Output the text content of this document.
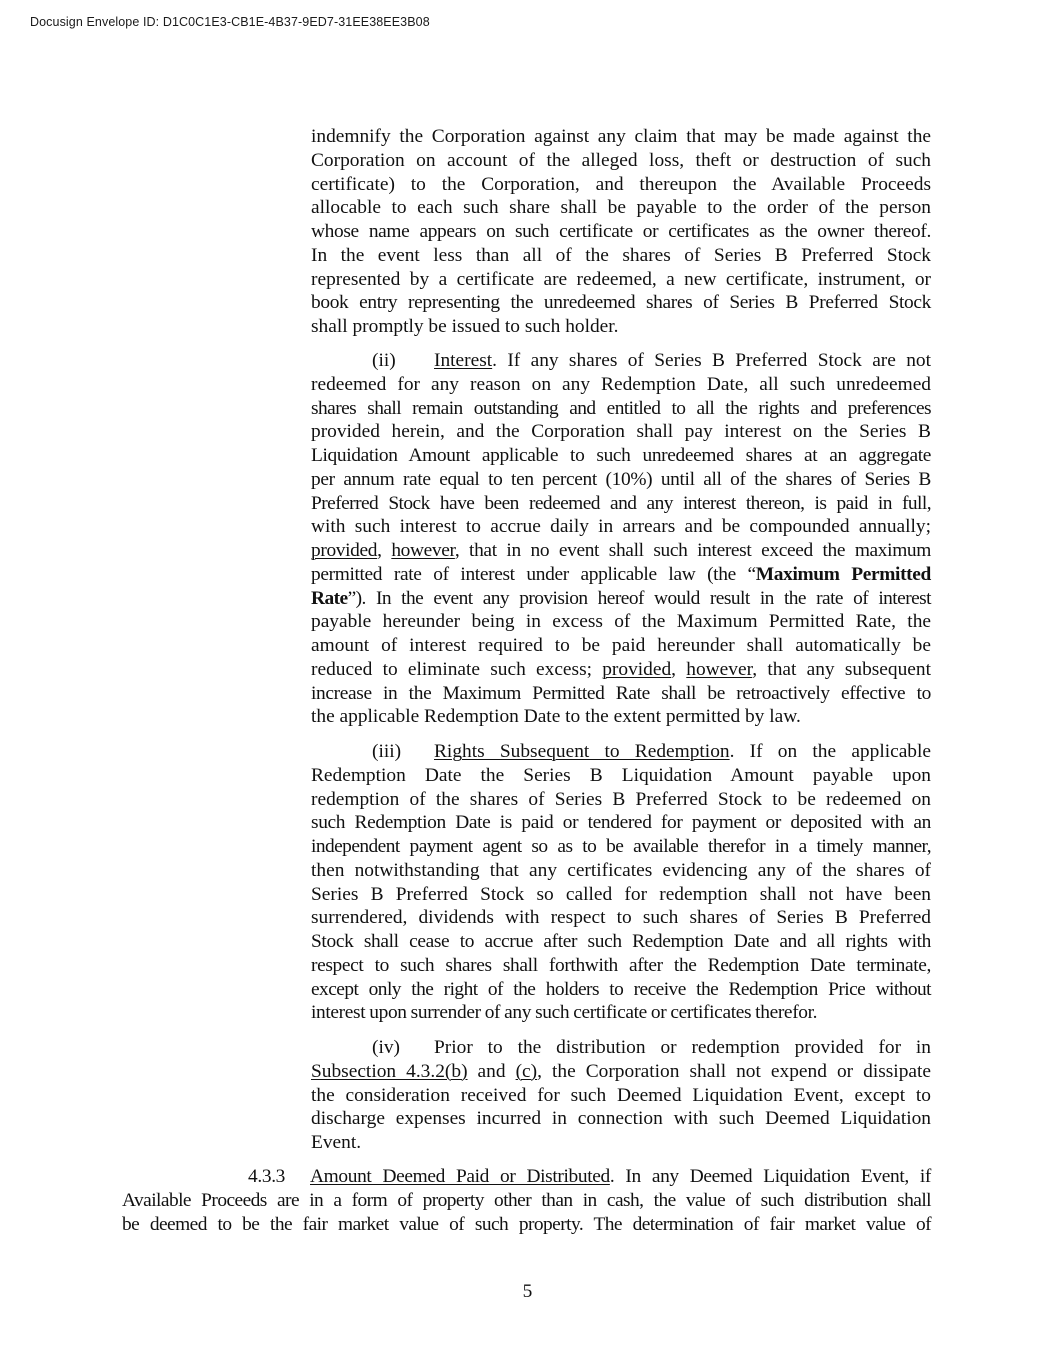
Docusign Envelope ID: D1C0C1E3-CB1E-4B37-9ED7-31EE38EE3B08
indemnify the Corporation against any claim that may be made against the
Corporation on account of the alleged loss, theft or destruction of such
certificate) to the Corporation, and thereupon the Available Proceeds
allocable to each such share shall be payable to the order of the person
whose name appears on such certificate or certificates as the owner thereof.
In the event less than all of the shares of Series B Preferred Stock
represented by a certificate are redeemed, a new certificate, instrument, or
book entry representing the unredeemed shares of Series B Preferred Stock
shall promptly be issued to such holder.
(ii) Interest. If any shares of Series B Preferred Stock are not
redeemed for any reason on any Redemption Date, all such unredeemed
shares shall remain outstanding and entitled to all the rights and preferences
provided herein, and the Corporation shall pay interest on the Series B
Liquidation Amount applicable to such unredeemed shares at an aggregate
per annum rate equal to ten percent (10%) until all of the shares of Series B
Preferred Stock have been redeemed and any interest thereon, is paid in full,
with such interest to accrue daily in arrears and be compounded annually;
provided, however, that in no event shall such interest exceed the maximum
permitted rate of interest under applicable law (the “Maximum Permitted
Rate”). In the event any provision hereof would result in the rate of interest
payable hereunder being in excess of the Maximum Permitted Rate, the
amount of interest required to be paid hereunder shall automatically be
reduced to eliminate such excess; provided, however, that any subsequent
increase in the Maximum Permitted Rate shall be retroactively effective to
the applicable Redemption Date to the extent permitted by law.
(iii) Rights Subsequent to Redemption. If on the applicable
Redemption Date the Series B Liquidation Amount payable upon
redemption of the shares of Series B Preferred Stock to be redeemed on
such Redemption Date is paid or tendered for payment or deposited with an
independent payment agent so as to be available therefor in a timely manner,
then notwithstanding that any certificates evidencing any of the shares of
Series B Preferred Stock so called for redemption shall not have been
surrendered, dividends with respect to such shares of Series B Preferred
Stock shall cease to accrue after such Redemption Date and all rights with
respect to such shares shall forthwith after the Redemption Date terminate,
except only the right of the holders to receive the Redemption Price without
interest upon surrender of any such certificate or certificates therefor.
(iv) Prior to the distribution or redemption provided for in
Subsection 4.3.2(b) and (c), the Corporation shall not expend or dissipate
the consideration received for such Deemed Liquidation Event, except to
discharge expenses incurred in connection with such Deemed Liquidation
Event.
4.3.3 Amount Deemed Paid or Distributed. In any Deemed Liquidation Event, if
Available Proceeds are in a form of property other than in cash, the value of such distribution shall
be deemed to be the fair market value of such property. The determination of fair market value of
5
